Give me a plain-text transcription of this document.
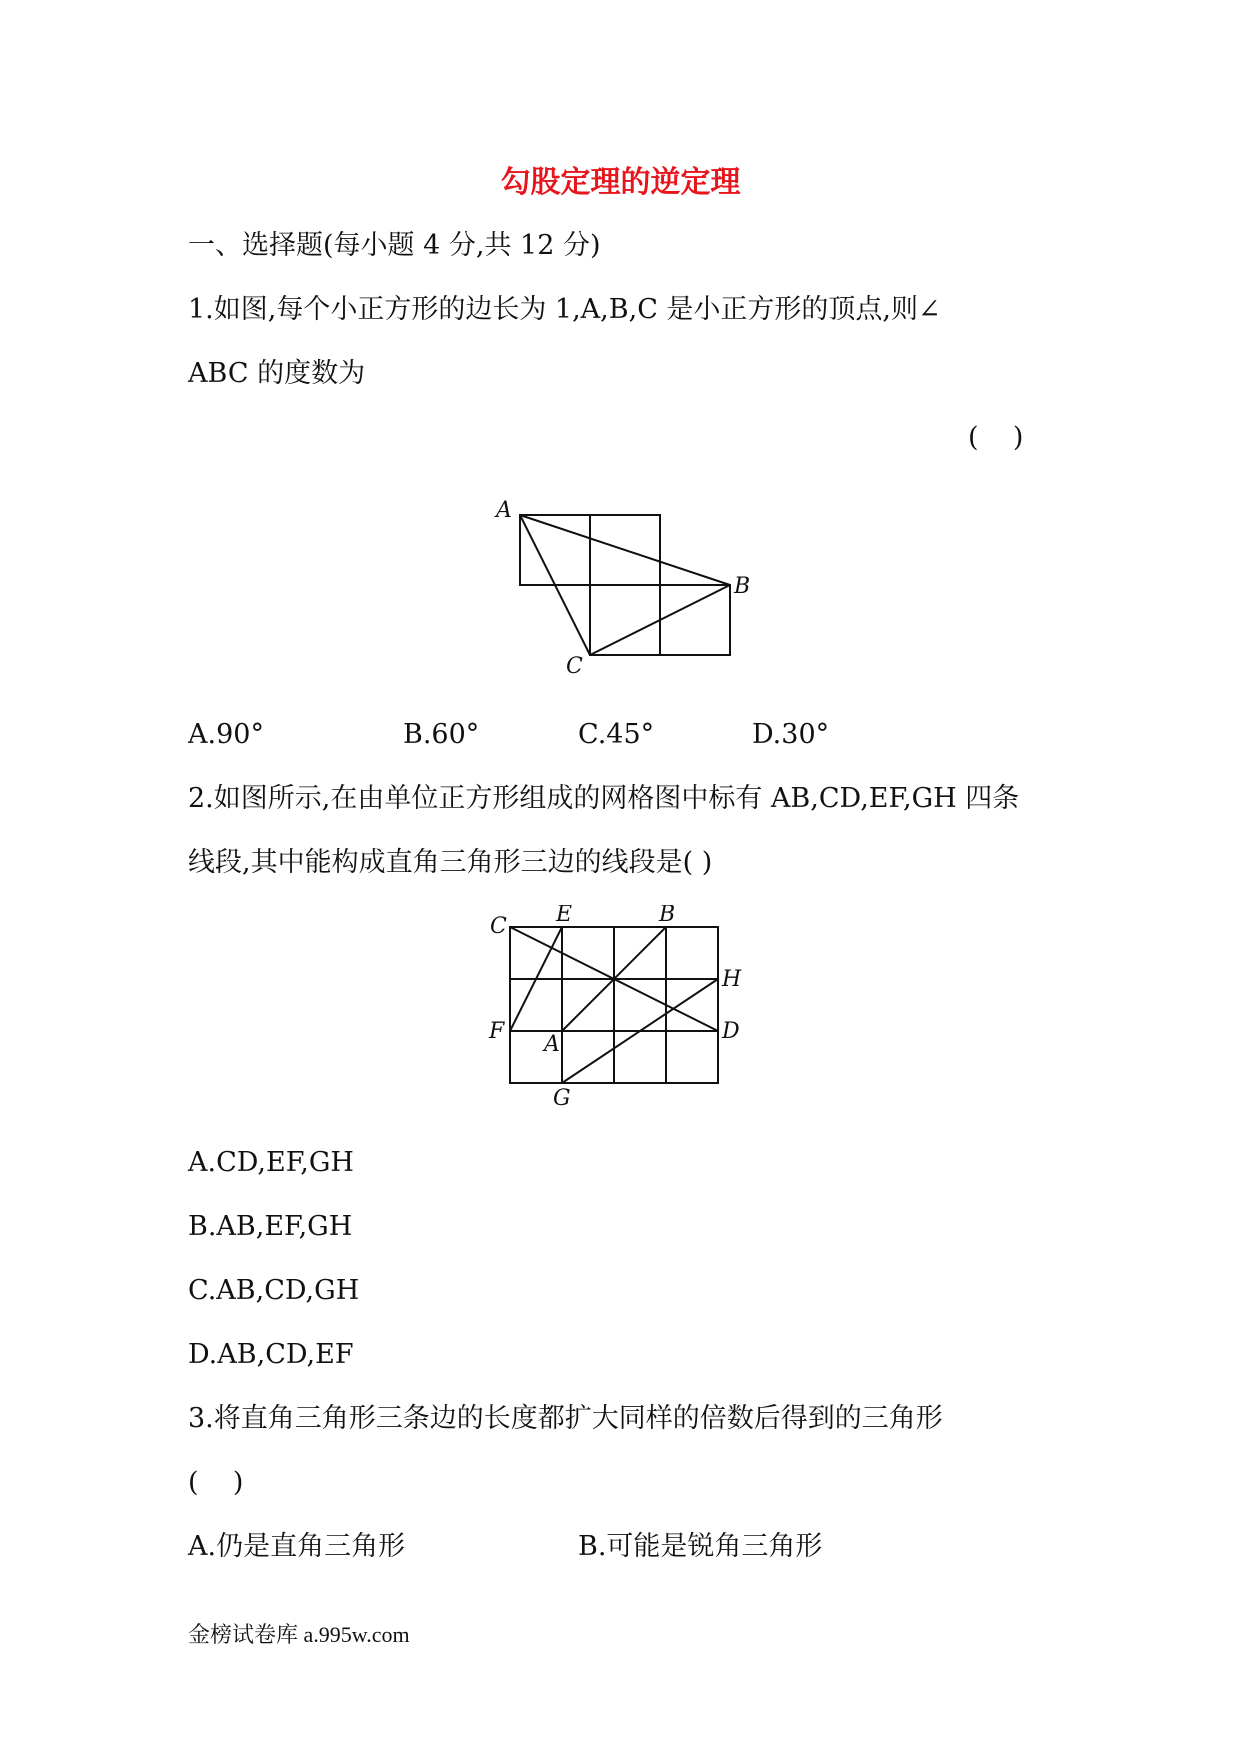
勾股定理的逆定理
一、选择题(每小题 4 分,共 12 分)
1.如图,每个小正方形的边长为 1,A,B,C 是小正方形的顶点,则∠
ABC 的度数为
(    )
A
B
C
A.90°	B.60°	C.45°	D.30°
2.如图所示,在由单位正方形组成的网格图中标有 AB,CD,EF,GH 四条
线段,其中能构成直角三角形三边的线段是( )
C E	B
H
F
A
D
G
A.CD,EF,GH
B.AB,EF,GH
C.AB,CD,GH
D.AB,CD,EF
3.将直角三角形三条边的长度都扩大同样的倍数后得到的三角形
(    )
A.仍是直角三角形	B.可能是锐角三角形
金榜试卷库 a.995w.com
